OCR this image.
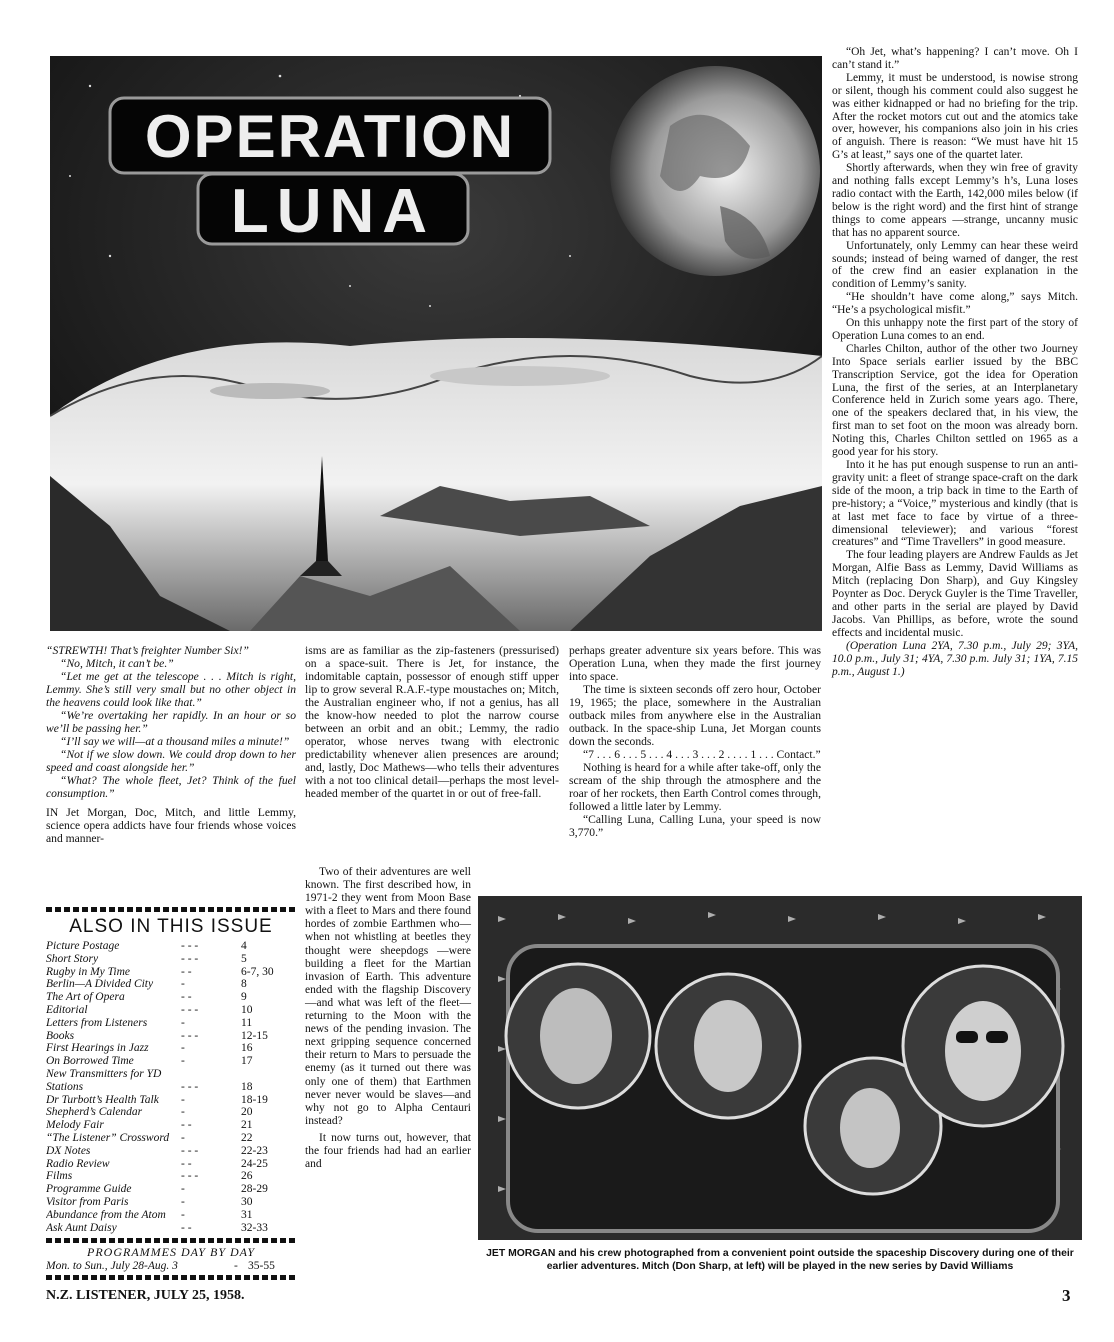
OPERATION
LUNA

“STREWTH! That’s freighter Number Six!”

“No, Mitch, it can’t be.”

“Let me get at the telescope . . . Mitch is right, Lemmy. She’s still very small but no other object in the heavens could look like that.”

“We’re overtaking her rapidly. In an hour or so we’ll be passing her.”

“I’ll say we will—at a thousand miles a minute!”

“Not if we slow down. We could drop down to her speed and coast alongside her.”

“What? The whole fleet, Jet? Think of the fuel consumption.”

IN Jet Morgan, Doc, Mitch, and little Lemmy, science opera addicts have four friends whose voices and manner-

ALSO IN THIS ISSUE
Picture Postage	- - -	4
Short Story	- - -	5
Rugby in My Time	- -	6-7, 30
Berlin—A Divided City	-	8
The Art of Opera	- -	9
Editorial	- - -	10
Letters from Listeners	-	11
Books	- - -	12-15
First Hearings in Jazz	-	16
On Borrowed Time	-	17
New Transmitters for YD
Stations	- - -	18
Dr Turbott’s Health Talk	-	18-19
Shepherd’s Calendar	-	20
Melody Fair	- -	21
“The Listener” Crossword	-	22
DX Notes	- - -	22-23
Radio Review	- -	24-25
Films	- - -	26
Programme Guide	-	28-29
Visitor from Paris	-	30
Abundance from the Atom	-	31
Ask Aunt Daisy	- -	32-33
PROGRAMMES DAY BY DAY
Mon. to Sun., July 28-Aug. 3	- 35-55

isms are as familiar as the zip-fasteners (pressurised) on a space-suit. There is Jet, for instance, the indomitable captain, possessor of enough stiff upper lip to grow several R.A.F.-type moustaches on; Mitch, the Australian engineer who, if not a genius, has all the know-how needed to plot the narrow course between an orbit and an obit.; Lemmy, the radio operator, whose nerves twang with electronic predictability whenever alien presences are around; and, lastly, Doc Mathews—who tells their adventures with a not too clinical detail—perhaps the most level-headed member of the quartet in or out of free-fall.

Two of their adventures are well known. The first described how, in 1971-2 they went from Moon Base with a fleet to Mars and there found hordes of zombie Earthmen who—when not whistling at beetles they thought were sheepdogs —were building a fleet for the Martian invasion of Earth. This adventure ended with the flagship Discovery—and what was left of the fleet—returning to the Moon with the news of the pending invasion. The next gripping sequence concerned their return to Mars to persuade the enemy (as it turned out there was only one of them) that Earthmen never never would be slaves—and why not go to Alpha Centauri instead?

It now turns out, however, that the four friends had had an earlier and

perhaps greater adventure six years before. This was Operation Luna, when they made the first journey into space.

The time is sixteen seconds off zero hour, October 19, 1965; the place, somewhere in the Australian outback miles from anywhere else in the Australian outback. In the space-ship Luna, Jet Morgan counts down the seconds.

“7 . . . 6 . . . 5 . . . 4 . . . 3 . . . 2 . . . . 1 . . . Contact.”

Nothing is heard for a while after take-off, only the scream of the ship through the atmosphere and the roar of her rockets, then Earth Control comes through, followed a little later by Lemmy.

“Calling Luna, Calling Luna, your speed is now 3,770.”

“Oh Jet, what’s happening? I can’t move. Oh I can’t stand it.”

Lemmy, it must be understood, is nowise strong or silent, though his comment could also suggest he was either kidnapped or had no briefing for the trip. After the rocket motors cut out and the atomics take over, however, his companions also join in his cries of anguish. There is reason: “We must have hit 15 G’s at least,” says one of the quartet later.

Shortly afterwards, when they win free of gravity and nothing falls except Lemmy’s h’s, Luna loses radio contact with the Earth, 142,000 miles below (if below is the right word) and the first hint of strange things to come appears —strange, uncanny music that has no apparent source.

Unfortunately, only Lemmy can hear these weird sounds; instead of being warned of danger, the rest of the crew find an easier explanation in the condition of Lemmy’s sanity.

“He shouldn’t have come along,” says Mitch. “He’s a psychological misfit.”

On this unhappy note the first part of the story of Operation Luna comes to an end.

Charles Chilton, author of the other two Journey Into Space serials earlier issued by the BBC Transcription Service, got the idea for Operation Luna, the first of the series, at an Interplanetary Conference held in Zurich some years ago. There, one of the speakers declared that, in his view, the first man to set foot on the moon was already born. Noting this, Charles Chilton settled on 1965 as a good year for his story.

Into it he has put enough suspense to run an anti-gravity unit: a fleet of strange space-craft on the dark side of the moon, a trip back in time to the Earth of pre-history; a “Voice,” mysterious and kindly (that is at last met face to face by virtue of a three-dimensional televiewer); and various “forest creatures” and “Time Travellers” in good measure.

The four leading players are Andrew Faulds as Jet Morgan, Alfie Bass as Lemmy, David Williams as Mitch (replacing Don Sharp), and Guy Kingsley Poynter as Doc. Deryck Guyler is the Time Traveller, and other parts in the serial are played by David Jacobs. Van Phillips, as before, wrote the sound effects and incidental music.

(Operation Luna 2YA, 7.30 p.m., July 29; 3YA, 10.0 p.m., July 31; 4YA, 7.30 p.m. July 31; 1YA, 7.15 p.m., August 1.)

JET MORGAN and his crew photographed from a convenient point outside the spaceship Discovery during one of their earlier adventures. Mitch (Don Sharp, at left) will be played in the new series by David Williams
N.Z. LISTENER, JULY 25, 1958.	3
